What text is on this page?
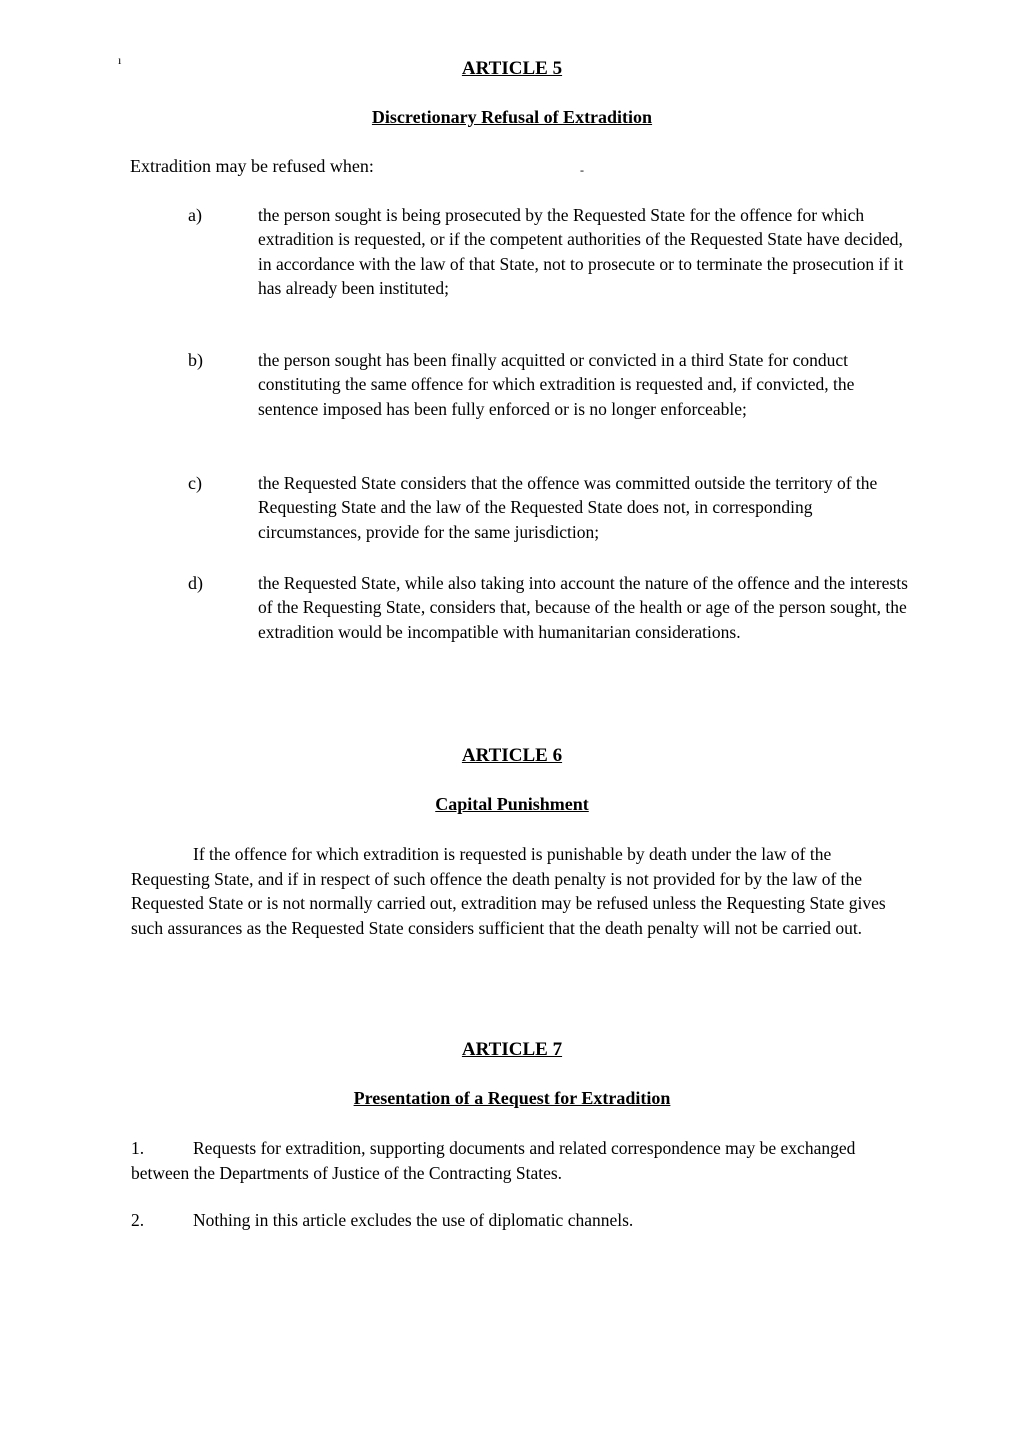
ı	ARTICLE 5
Discretionary Refusal of Extradition
Extradition may be refused when:	-
a)	the person sought is being prosecuted by the Requested State for the offence for which extradition is requested, or if the competent authorities of the Requested State have decided, in accordance with the law of that State, not to prosecute or to terminate the prosecution if it has already been instituted;
b)	the person sought has been finally acquitted or convicted in a third State for conduct constituting the same offence for which extradition is requested and, if convicted, the sentence imposed has been fully enforced or is no longer enforceable;
c)	the Requested State considers that the offence was committed outside the territory of the Requesting State and the law of the Requested State does not, in corresponding circumstances, provide for the same jurisdiction;
d)	the Requested State, while also taking into account the nature of the offence and the interests of the Requesting State, considers that, because of the health or age of the person sought, the extradition would be incompatible with humanitarian considerations.
ARTICLE 6
Capital Punishment
If the offence for which extradition is requested is punishable by death under the law of the Requesting State, and if in respect of such offence the death penalty is not provided for by the law of the Requested State or is not normally carried out, extradition may be refused unless the Requesting State gives such assurances as the Requested State considers sufficient that the death penalty will not be carried out.
ARTICLE 7
Presentation of a Request for Extradition
1.	Requests for extradition, supporting documents and related correspondence may be exchanged between the Departments of Justice of the Contracting States.
2.	Nothing in this article excludes the use of diplomatic channels.
